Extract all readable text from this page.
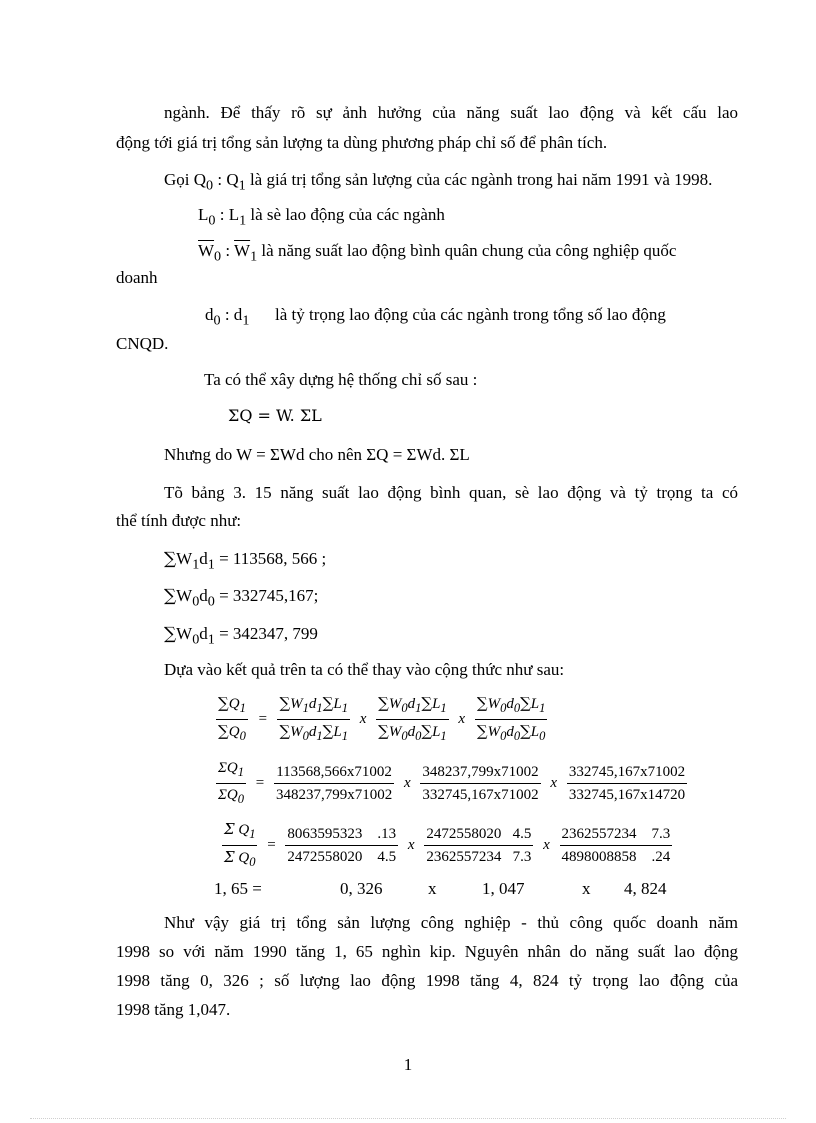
ngành. Để thấy rõ sự ảnh hưởng của năng suất lao động và kết cấu lao
động tới giá trị tổng sản lượng ta dùng phương pháp chỉ số để phân tích.
Gọi $Q_0$ : $Q_1$ là giá trị tổng sản lượng của các ngành trong hai năm 1991 và 1998.
$L_0$ : $L_1$ là sè lao động của các ngành
$\overline{W}_0$ : $\overline{W}_1$ là năng suất lao động bình quân chung của công nghiệp quốc
doanh
$d_0$ : $d_1$ là tỷ trọng lao động của các ngành trong tổng số lao động
CNQD.
Ta có thể xây dựng hệ thống chỉ số sau :
ΣQ = W. ΣL
Nhưng do W = ΣWd cho nên ΣQ = ΣWd. ΣL
Tõ bảng 3. 15 năng suất lao động bình quan, sè lao động và tỷ trọng ta có
thể tính được như:
$\sum W_1d_1 = 113568$, 566 ;
$\sum W_0d_0 = 332745,167$;
$\sum W_0d_1 = 342347$, 799
Dựa vào kết quả trên ta có thể thay vào cộng thức như sau:
$\frac{\sum Q_1}{\sum Q_0} = \frac{\sum W_1d_1\sum L_1}{\sum W_0d_1\sum L_1}$ x $\frac{\sum W_0d_1\sum L_1}{\sum W_0d_0\sum L_1}$ x $\frac{\sum W_0d_0\sum L_1}{\sum W_0d_0\sum L_0}$
$\frac{\Sigma Q_1}{\Sigma Q_0} = \frac{113568,566x71002}{348237,799x71002}$ x $\frac{348237,799x71002}{332745,167x71002}$ x $\frac{332745,167x71002}{332745,167x14720}$
$\frac{\Sigma Q_1}{\Sigma Q_0} = \frac{8063595323 .13}{2472558020 4.5}$ x $\frac{2472558020 4.5}{2362557234 7.3}$ x $\frac{2362557234 7.3}{4898008858 .24}$
1, 65 =	0, 326	x	1, 047	x 4, 824
Như vậy giá trị tổng sản lượng công nghiệp - thủ công quốc doanh năm
1998 so với năm 1990 tăng 1, 65 nghìn kip. Nguyên nhân do năng suất lao động
1998 tăng 0, 326 ; số lượng lao động 1998 tăng 4, 824 tỷ trọng lao động của
1998 tăng 1,047.
1
